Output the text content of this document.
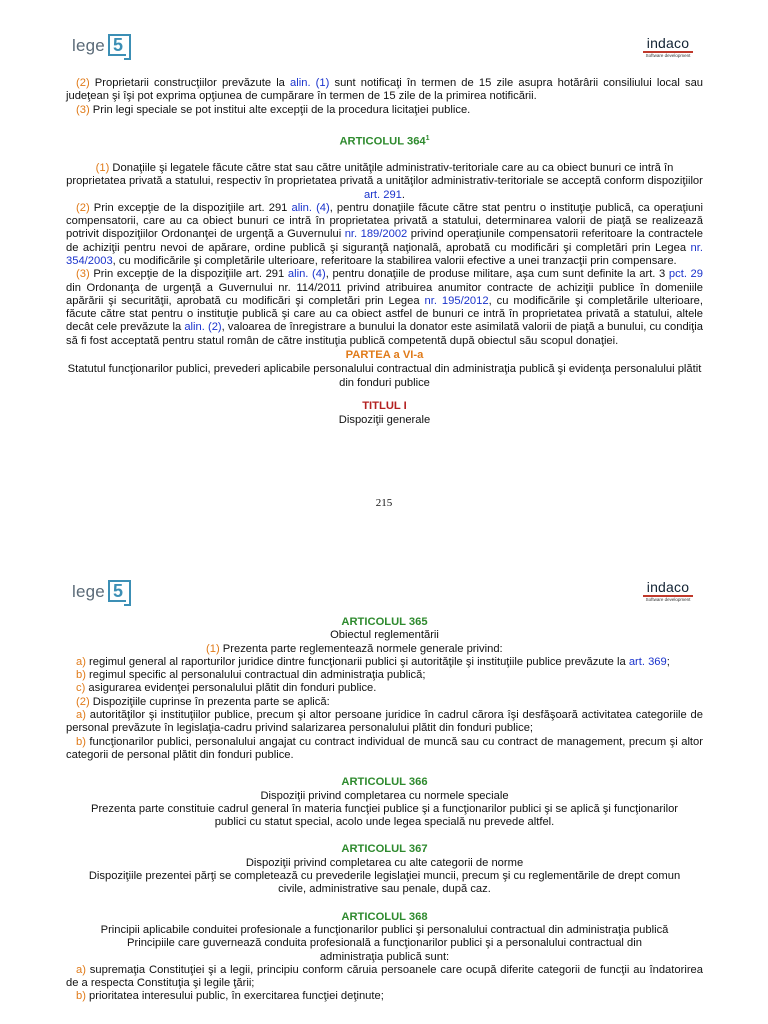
lege 5	indaco
Software development

(2) Proprietarii construcţiilor prevăzute la alin. (1) sunt notificaţi în termen de 15 zile asupra hotărârii consiliului local sau judeţean şi îşi pot exprima opţiunea de cumpărare în termen de 15 zile de la primirea notificării.

(3) Prin legi speciale se pot institui alte excepţii de la procedura licitaţiei publice.

ARTICOLUL $364^1$

(1) Donaţiile şi legatele făcute către stat sau către unităţile administrativ-teritoriale care au ca obiect bunuri ce intră în proprietatea privată a statului, respectiv în proprietatea privată a unităţilor administrativ-teritoriale se acceptă conform dispoziţiilor art. 291.

(2) Prin excepţie de la dispoziţiile art. 291 alin. (4), pentru donaţiile făcute către stat pentru o instituţie publică, ca operaţiuni compensatorii, care au ca obiect bunuri ce intră în proprietatea privată a statului, determinarea valorii de piaţă se realizează potrivit dispoziţiilor Ordonanţei de urgenţă a Guvernului nr. 189/2002 privind operaţiunile compensatorii referitoare la contractele de achiziţii pentru nevoi de apărare, ordine publică şi siguranţă naţională, aprobată cu modificări şi completări prin Legea nr. 354/2003, cu modificările şi completările ulterioare, referitoare la stabilirea valorii efective a unei tranzacţii prin compensare.

(3) Prin excepţie de la dispoziţiile art. 291 alin. (4), pentru donaţiile de produse militare, aşa cum sunt definite la art. 3 pct. 29 din Ordonanţa de urgenţă a Guvernului nr. 114/2011 privind atribuirea anumitor contracte de achiziţii publice în domeniile apărării şi securităţii, aprobată cu modificări şi completări prin Legea nr. 195/2012, cu modificările şi completările ulterioare, făcute către stat pentru o instituţie publică şi care au ca obiect astfel de bunuri ce intră în proprietatea privată a statului, altele decât cele prevăzute la alin. (2), valoarea de înregistrare a bunului la donator este asimilată valorii de piaţă a bunului, cu condiţia să fi fost acceptată pentru statul român de către instituţia publică competentă după obiectul său scopul donaţiei.

PARTEA a VI-a

Statutul funcţionarilor publici, prevederi aplicabile personalului contractual din administraţia publică şi evidenţa personalului plătit din fonduri publice

TITLUL I

Dispoziţii generale

215
lege 5	indaco
Software development

ARTICOLUL 365

Obiectul reglementării

(1) Prezenta parte reglementează normele generale privind:

a) regimul general al raporturilor juridice dintre funcţionarii publici şi autorităţile şi instituţiile publice prevăzute la art. 369;

b) regimul specific al personalului contractual din administraţia publică;

c) asigurarea evidenţei personalului plătit din fonduri publice.

(2) Dispoziţiile cuprinse în prezenta parte se aplică:

a) autorităţilor şi instituţiilor publice, precum şi altor persoane juridice în cadrul cărora îşi desfăşoară activitatea categoriile de personal prevăzute în legislaţia-cadru privind salarizarea personalului plătit din fonduri publice;

b) funcţionarilor publici, personalului angajat cu contract individual de muncă sau cu contract de management, precum şi altor categorii de personal plătit din fonduri publice.

ARTICOLUL 366

Dispoziţii privind completarea cu normele speciale

Prezenta parte constituie cadrul general în materia funcţiei publice şi a funcţionarilor publici şi se aplică şi funcţionarilor publici cu statut special, acolo unde legea specială nu prevede altfel.

ARTICOLUL 367

Dispoziţii privind completarea cu alte categorii de norme

Dispoziţiile prezentei părţi se completează cu prevederile legislaţiei muncii, precum şi cu reglementările de drept comun civile, administrative sau penale, după caz.

ARTICOLUL 368

Principii aplicabile conduitei profesionale a funcţionarilor publici şi personalului contractual din administraţia publică

Principiile care guvernează conduita profesională a funcţionarilor publici şi a personalului contractual din administraţia publică sunt:

a) supremaţia Constituţiei şi a legii, principiu conform căruia persoanele care ocupă diferite categorii de funcţii au îndatorirea de a respecta Constituţia şi legile ţării;

b) prioritatea interesului public, în exercitarea funcţiei deţinute;
